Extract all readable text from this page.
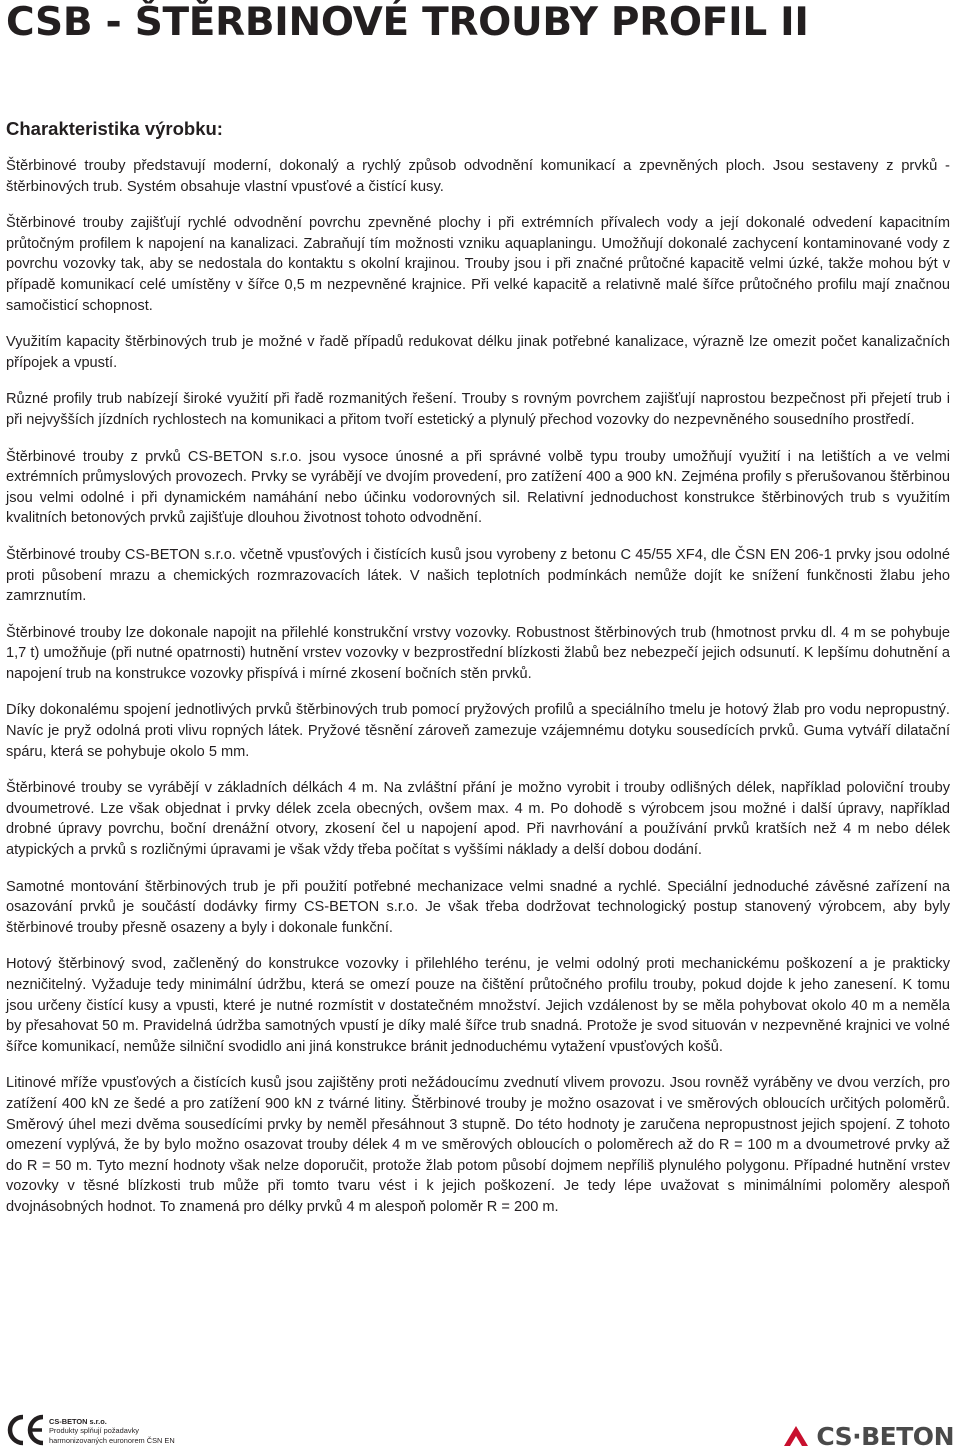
CSB - ŠTĚRBINOVÉ TROUBY PROFIL II
Charakteristika výrobku:

Štěrbinové trouby představují moderní, dokonalý a rychlý způsob odvodnění komunikací a zpevněných ploch. Jsou sestaveny z prvků - štěrbinových trub. Systém obsahuje vlastní vpusťové a čistící kusy.

Štěrbinové trouby zajišťují rychlé odvodnění povrchu zpevněné plochy i při extrémních přívalech vody a její dokonalé odvedení kapacitním průtočným profilem k napojení na kanalizaci. Zabraňují tím možnosti vzniku aquaplaningu. Umožňují dokonalé zachycení kontaminované vody z povrchu vozovky tak, aby se nedostala do kontaktu s okolní krajinou. Trouby jsou i při značné průtočné kapacitě velmi úzké, takže mohou být v případě komunikací celé umístěny v šířce 0,5 m nezpevněné krajnice. Při velké kapacitě a relativně malé šířce průtočného profilu mají značnou samočisticí schopnost.

Využitím kapacity štěrbinových trub je možné v řadě případů redukovat délku jinak potřebné kanalizace, výrazně lze omezit počet kanalizačních přípojek a vpustí.

Různé profily trub nabízejí široké využití při řadě rozmanitých řešení. Trouby s rovným povrchem zajišťují naprostou bezpečnost při přejetí trub i při nejvyšších jízdních rychlostech na komunikaci a přitom tvoří estetický a plynulý přechod vozovky do nezpevněného sousedního prostředí.

Štěrbinové trouby z prvků CS-BETON s.r.o. jsou vysoce únosné a při správné volbě typu trouby umožňují využití i na letištích a ve velmi extrémních průmyslových provozech. Prvky se vyrábějí ve dvojím provedení, pro zatížení 400 a 900 kN. Zejména profily s přerušovanou štěrbinou jsou velmi odolné i při dynamickém namáhání nebo účinku vodorovných sil. Relativní jednoduchost konstrukce štěrbinových trub s využitím kvalitních betonových prvků zajišťuje dlouhou životnost tohoto odvodnění.

Štěrbinové trouby CS-BETON s.r.o. včetně vpusťových i čistících kusů jsou vyrobeny z betonu C 45/55 XF4, dle ČSN EN 206-1 prvky jsou odolné proti působení mrazu a chemických rozmrazovacích látek. V našich teplotních podmínkách nemůže dojít ke snížení funkčnosti žlabu jeho zamrznutím.

Štěrbinové trouby lze dokonale napojit na přilehlé konstrukční vrstvy vozovky. Robustnost štěrbinových trub (hmotnost prvku dl. 4 m se pohybuje 1,7 t) umožňuje (při nutné opatrnosti) hutnění vrstev vozovky v bezprostřední blízkosti žlabů bez nebezpečí jejich odsunutí. K lepšímu dohutnění a napojení trub na konstrukce vozovky přispívá i mírné zkosení bočních stěn prvků.

Díky dokonalému spojení jednotlivých prvků štěrbinových trub pomocí pryžových profilů a speciálního tmelu je hotový žlab pro vodu nepropustný. Navíc je pryž odolná proti vlivu ropných látek. Pryžové těsnění zároveň zamezuje vzájemnému dotyku sousedících prvků. Guma vytváří dilatační spáru, která se pohybuje okolo 5 mm.

Štěrbinové trouby se vyrábějí v základních délkách 4 m. Na zvláštní přání je možno vyrobit i trouby odlišných délek, například poloviční trouby dvoumetrové. Lze však objednat i prvky délek zcela obecných, ovšem max. 4 m. Po dohodě s výrobcem jsou možné i další úpravy, například drobné úpravy povrchu, boční drenážní otvory, zkosení čel u napojení apod. Při navrhování a používání prvků kratších než 4 m nebo délek atypických a prvků s rozličnými úpravami je však vždy třeba počítat s vyššími náklady a delší dobou dodání.

Samotné montování štěrbinových trub je při použití potřebné mechanizace velmi snadné a rychlé. Speciální jednoduché závěsné zařízení na osazování prvků je součástí dodávky firmy CS-BETON s.r.o. Je však třeba dodržovat technologický postup stanovený výrobcem, aby byly štěrbinové trouby přesně osazeny a byly i dokonale funkční.

Hotový štěrbinový svod, začleněný do konstrukce vozovky i přilehlého terénu, je velmi odolný proti mechanickému poškození a je prakticky nezničitelný. Vyžaduje tedy minimální údržbu, která se omezí pouze na čištění průtočného profilu trouby, pokud dojde k jeho zanesení. K tomu jsou určeny čistící kusy a vpusti, které je nutné rozmístit v dostatečném množství. Jejich vzdálenost by se měla pohybovat okolo 40 m a neměla by přesahovat 50 m. Pravidelná údržba samotných vpustí je díky malé šířce trub snadná. Protože je svod situován v nezpevněné krajnici ve volné šířce komunikací, nemůže silniční svodidlo ani jiná konstrukce bránit jednoduchému vytažení vpusťových košů.

Litinové mříže vpusťových a čistících kusů jsou zajištěny proti nežádoucímu zvednutí vlivem provozu. Jsou rovněž vyráběny ve dvou verzích, pro zatížení 400 kN ze šedé a pro zatížení 900 kN z tvárné litiny. Štěrbinové trouby je možno osazovat i ve směrových obloucích určitých poloměrů. Směrový úhel mezi dvěma sousedícími prvky by neměl přesáhnout 3 stupně. Do této hodnoty je zaručena nepropustnost jejich spojení. Z tohoto omezení vyplývá, že by bylo možno osazovat trouby délek 4 m ve směrových obloucích o poloměrech až do R = 100 m a dvoumetrové prvky až do R = 50 m. Tyto mezní hodnoty však nelze doporučit, protože žlab potom působí dojmem nepříliš plynulého polygonu. Případné hutnění vrstev vozovky v těsné blízkosti trub může při tomto tvaru vést i k jejich poškození. Je tedy lépe uvažovat s minimálními poloměry alespoň dvojnásobných hodnot. To znamená pro délky prvků 4 m alespoň poloměr R = 200 m.

CS-BETON s.r.o.
Produkty splňují požadavky
harmonizovaných euronorem ČSN EN	CS·BETON
